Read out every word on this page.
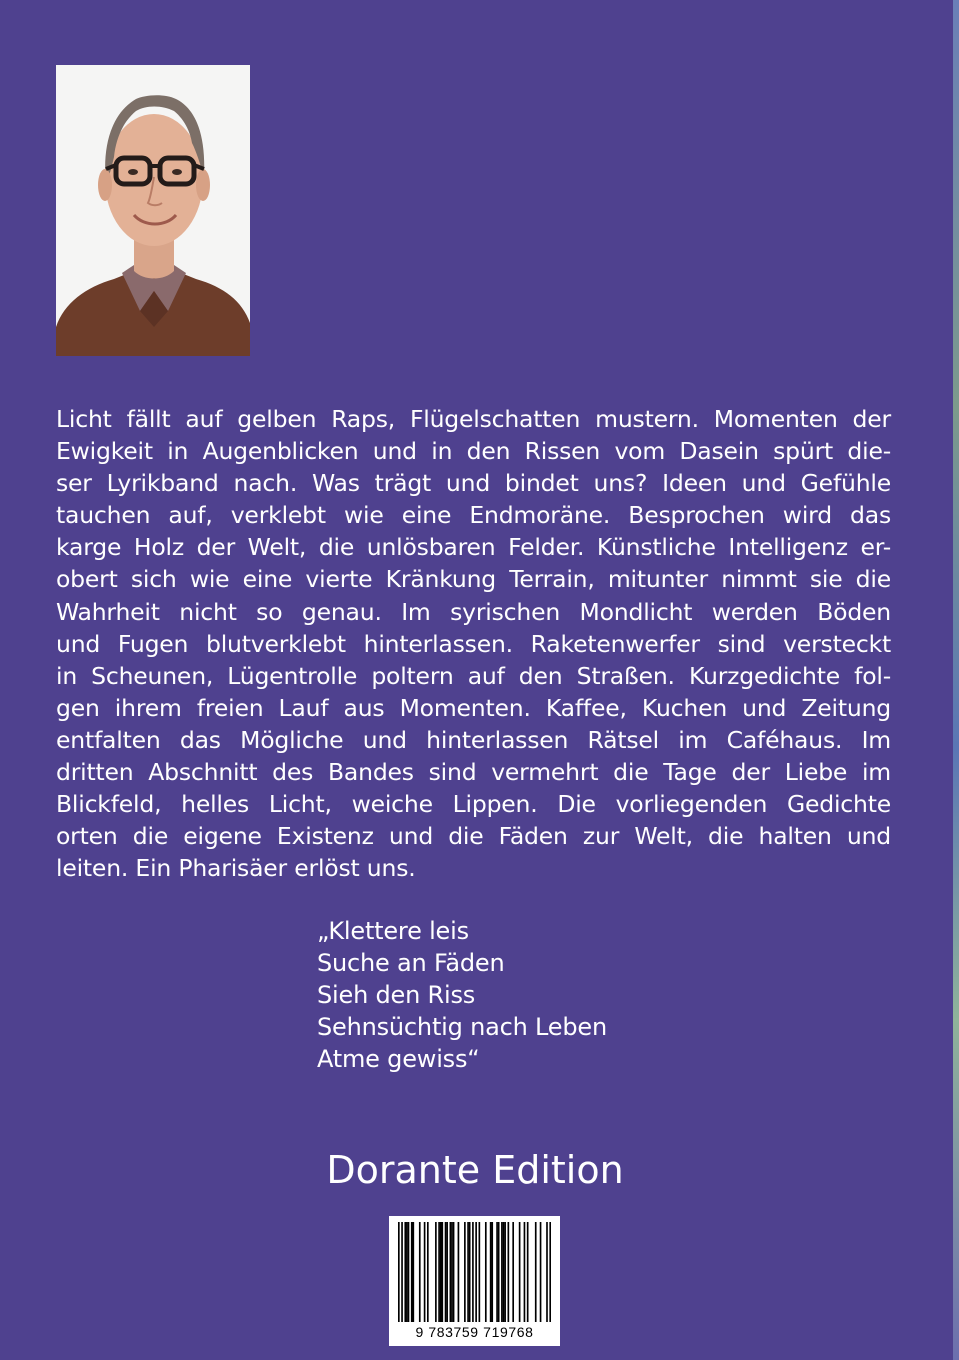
Licht fällt auf gelben Raps, Flügelschatten mustern. Momenten der
Ewigkeit in Augenblicken und in den Rissen vom Dasein spürt die-
ser Lyrikband nach. Was trägt und bindet uns? Ideen und Gefühle
tauchen auf, verklebt wie eine Endmoräne. Besprochen wird das
karge Holz der Welt, die unlösbaren Felder. Künstliche Intelligenz er-
obert sich wie eine vierte Kränkung Terrain, mitunter nimmt sie die
Wahrheit nicht so genau. Im syrischen Mondlicht werden Böden
und Fugen blutverklebt hinterlassen. Raketenwerfer sind versteckt
in Scheunen, Lügentrolle poltern auf den Straßen. Kurzgedichte fol-
gen ihrem freien Lauf aus Momenten. Kaffee, Kuchen und Zeitung
entfalten das Mögliche und hinterlassen Rätsel im Caféhaus. Im
dritten Abschnitt des Bandes sind vermehrt die Tage der Liebe im
Blickfeld, helles Licht, weiche Lippen. Die vorliegenden Gedichte
orten die eigene Existenz und die Fäden zur Welt, die halten und
leiten. Ein Pharisäer erlöst uns.
„Klettere leis
Suche an Fäden
Sieh den Riss
Sehnsüchtig nach Leben
Atme gewiss“
Dorante Edition
9 783759 719768
